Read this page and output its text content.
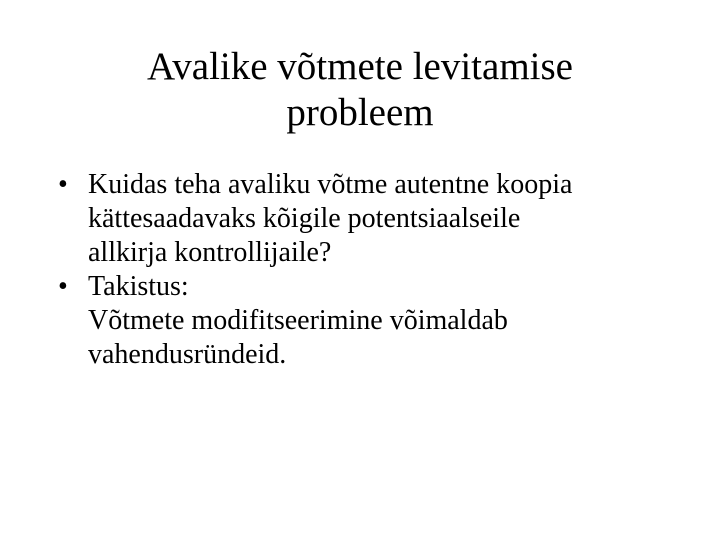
Avalike võtmete levitamise
probleem
• Kuidas teha avaliku võtme autentne koopia
kättesaadavaks kõigile potentsiaalseile
allkirja kontrollijaile?
• Takistus:
Võtmete modifitseerimine võimaldab
vahendusründeid.
